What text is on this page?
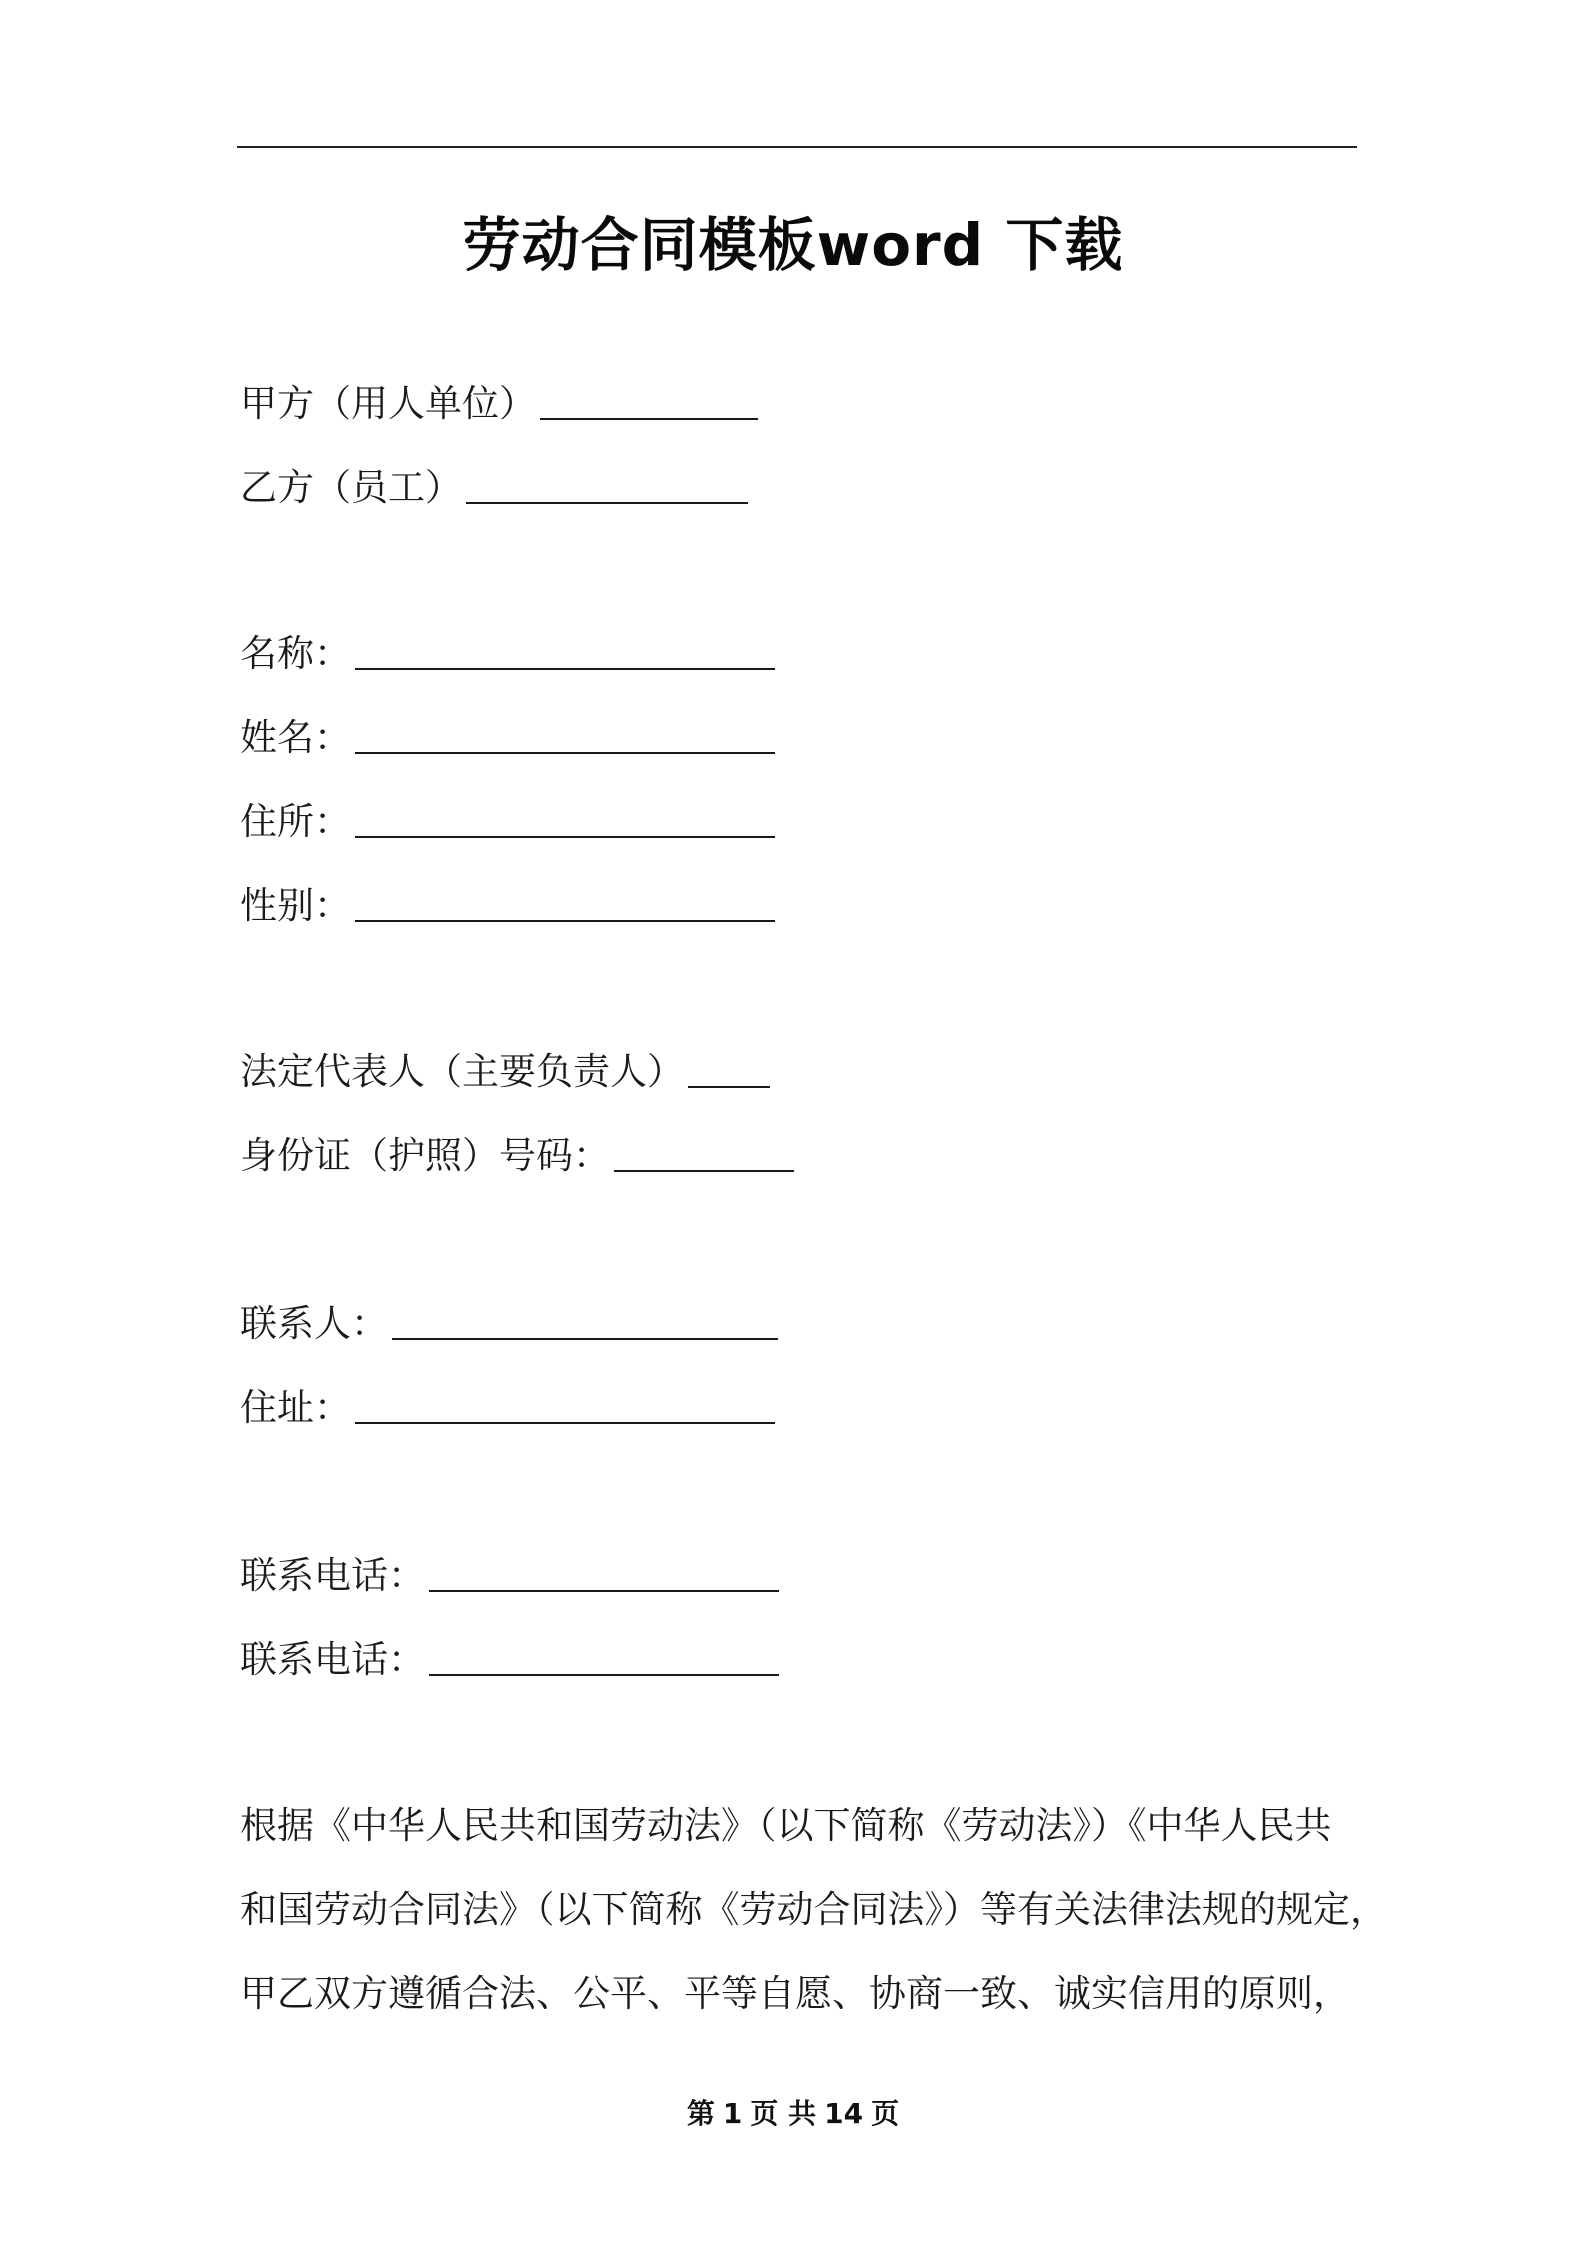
劳动合同模板word 下载
甲方（用人单位）
乙方（员工）
名称：
姓名：
住所：
性别：
法定代表人（主要负责人）
身份证（护照）号码：
联系人：
住址：
联系电话：
联系电话：
根据《中华人民共和国劳动法》（以下简称《劳动法》）《中华人民共
和国劳动合同法》（以下简称《劳动合同法》）等有关法律法规的规定，
甲乙双方遵循合法、公平、平等自愿、协商一致、诚实信用的原则，
第 1 页 共 14 页
